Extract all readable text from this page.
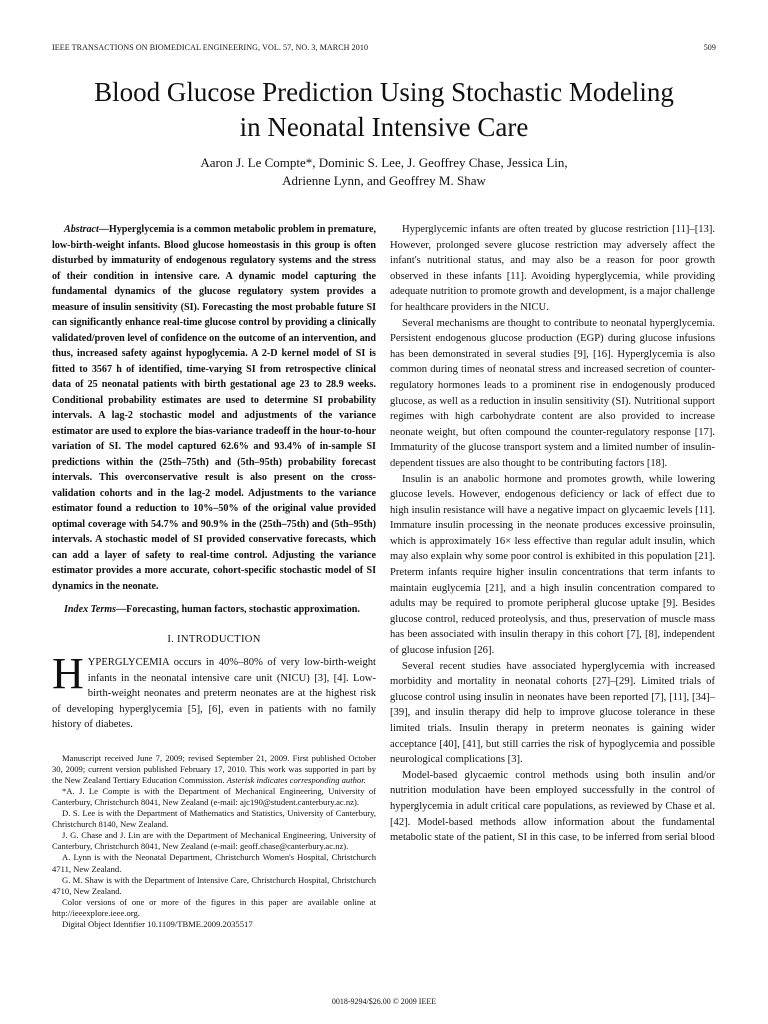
IEEE TRANSACTIONS ON BIOMEDICAL ENGINEERING, VOL. 57, NO. 3, MARCH 2010	509
Blood Glucose Prediction Using Stochastic Modeling
in Neonatal Intensive Care
Aaron J. Le Compte*, Dominic S. Lee, J. Geoffrey Chase, Jessica Lin,
Adrienne Lynn, and Geoffrey M. Shaw

Abstract—Hyperglycemia is a common metabolic problem in premature, low-birth-weight infants. Blood glucose homeostasis in this group is often disturbed by immaturity of endogenous regulatory systems and the stress of their condition in intensive care. A dynamic model capturing the fundamental dynamics of the glucose regulatory system provides a measure of insulin sensitivity (SI). Forecasting the most probable future SI can significantly enhance real-time glucose control by providing a clinically validated/proven level of confidence on the outcome of an intervention, and thus, increased safety against hypoglycemia. A 2-D kernel model of SI is fitted to 3567 h of identified, time-varying SI from retrospective clinical data of 25 neonatal patients with birth gestational age 23 to 28.9 weeks. Conditional probability estimates are used to determine SI probability intervals. A lag-2 stochastic model and adjustments of the variance estimator are used to explore the bias-variance tradeoff in the hour-to-hour variation of SI. The model captured 62.6% and 93.4% of in-sample SI predictions within the (25th–75th) and (5th–95th) probability forecast intervals. This overconservative result is also present on the cross-validation cohorts and in the lag-2 model. Adjustments to the variance estimator found a reduction to 10%–50% of the original value provided optimal coverage with 54.7% and 90.9% in the (25th–75th) and (5th–95th) intervals. A stochastic model of SI provided conservative forecasts, which can add a layer of safety to real-time control. Adjusting the variance estimator provides a more accurate, cohort-specific stochastic model of SI dynamics in the neonate.

Index Terms—Forecasting, human factors, stochastic approximation.

I. INTRODUCTION

HYPERGLYCEMIA occurs in 40%–80% of very low-birth-weight infants in the neonatal intensive care unit (NICU) [3], [4]. Low-birth-weight neonates and preterm neonates are at the highest risk of developing hyperglycemia [5], [6], even in patients with no family history of diabetes.

Manuscript received June 7, 2009; revised September 21, 2009. First published October 30, 2009; current version published February 17, 2010. This work was supported in part by the New Zealand Tertiary Education Commission. Asterisk indicates corresponding author.

*A. J. Le Compte is with the Department of Mechanical Engineering, University of Canterbury, Christchurch 8041, New Zealand (e-mail: ajc190@student.canterbury.ac.nz).

D. S. Lee is with the Department of Mathematics and Statistics, University of Canterbury, Christchurch 8140, New Zealand.

J. G. Chase and J. Lin are with the Department of Mechanical Engineering, University of Canterbury, Christchurch 8041, New Zealand (e-mail: geoff.chase@canterbury.ac.nz).

A. Lynn is with the Neonatal Department, Christchurch Women's Hospital, Christchurch 4711, New Zealand.

G. M. Shaw is with the Department of Intensive Care, Christchurch Hospital, Christchurch 4710, New Zealand.

Color versions of one or more of the figures in this paper are available online at http://ieeexplore.ieee.org.

Digital Object Identifier 10.1109/TBME.2009.2035517

Hyperglycemic infants are often treated by glucose restriction [11]–[13]. However, prolonged severe glucose restriction may adversely affect the infant's nutritional status, and may also be a reason for poor growth observed in these infants [11]. Avoiding hyperglycemia, while providing adequate nutrition to promote growth and development, is a major challenge for healthcare providers in the NICU.

Several mechanisms are thought to contribute to neonatal hyperglycemia. Persistent endogenous glucose production (EGP) during glucose infusions has been demonstrated in several studies [9], [16]. Hyperglycemia is also common during times of neonatal stress and increased secretion of counter-regulatory hormones leads to a prominent rise in endogenously produced glucose, as well as a reduction in insulin sensitivity (SI). Nutritional support regimes with high carbohydrate content are also provided to increase neonate weight, but often compound the counter-regulatory response [17]. Immaturity of the glucose transport system and a limited number of insulin-dependent tissues are also thought to be contributing factors [18].

Insulin is an anabolic hormone and promotes growth, while lowering glucose levels. However, endogenous deficiency or lack of effect due to high insulin resistance will have a negative impact on glycaemic levels [11]. Immature insulin processing in the neonate produces excessive proinsulin, which is approximately 16× less effective than regular adult insulin, which may also explain why some poor control is exhibited in this population [21]. Preterm infants require higher insulin concentrations that term infants to maintain euglycemia [21], and a high insulin concentration compared to adults may be required to promote peripheral glucose uptake [9]. Besides glucose control, reduced proteolysis, and thus, preservation of muscle mass has been associated with insulin therapy in this cohort [7], [8], independent of glucose infusion [26].

Several recent studies have associated hyperglycemia with increased morbidity and mortality in neonatal cohorts [27]–[29]. Limited trials of glucose control using insulin in neonates have been reported [7], [11], [34]–[39], and insulin therapy did help to improve glucose tolerance in these limited trials. Insulin therapy in preterm neonates is gaining wider acceptance [40], [41], but still carries the risk of hypoglycemia and possible neurological complications [3].

Model-based glycaemic control methods using both insulin and/or nutrition modulation have been employed successfully in the control of hyperglycemia in adult critical care populations, as reviewed by Chase et al. [42]. Model-based methods allow information about the fundamental metabolic state of the patient, SI in this case, to be inferred from serial blood

0018-9294/$26.00 © 2009 IEEE
